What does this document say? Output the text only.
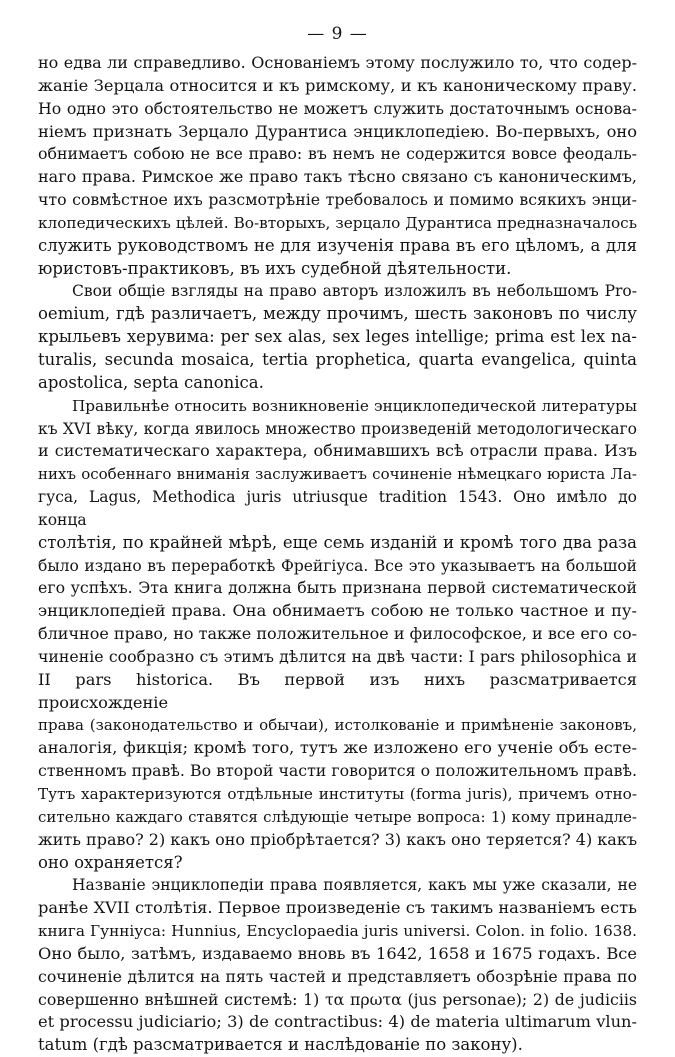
— 9 —

но едва ли справедливо. Основаніемъ этому послужило то, что содер-
жаніе Зерцала относится и къ римскому, и къ каноническому праву.
Но одно это обстоятельство не можетъ служить достаточнымъ основа-
ніемъ признать Зерцало Дурантиса энциклопедіею. Во-первыхъ, оно
обнимаетъ собою не все право: въ немъ не содержится вовсе феодаль-
наго права. Римское же право такъ тѣсно связано съ каноническимъ,
что совмѣстное ихъ разсмотрѣніе требовалось и помимо всякихъ энци-
клопедическихъ цѣлей. Во-вторыхъ, зерцало Дурантиса предназначалось
служить руководствомъ не для изученія права въ его цѣломъ, а для
юристовъ-практиковъ, въ ихъ судебной дѣятельности.

Свои общіе взгляды на право авторъ изложилъ въ небольшомъ Pro-
oemium, гдѣ различаетъ, между прочимъ, шесть законовъ по числу
крыльевъ херувима: per sex alas, sex leges intellige; prima est lex na-
turalis, secunda mosaica, tertia prophetica, quarta evangelica, quinta
apostolica, septa canonica.

Правильнѣе относить возникновеніе энциклопедической литературы
къ XVI вѣку, когда явилось множество произведеній методологическаго
и систематическаго характера, обнимавшихъ всѣ отрасли права. Изъ
нихъ особеннаго вниманія заслуживаетъ сочиненіе нѣмецкаго юриста Ла-
гуса, Lagus, Methodica juris utriusque tradition 1543. Оно имѣло до конца
столѣтія, по крайней мѣрѣ, еще семь изданій и кромѣ того два раза
было издано въ переработкѣ Фрейгіуса. Все это указываетъ на большой
его успѣхъ. Эта книга должна быть признана первой систематической
энциклопедіей права. Она обнимаетъ собою не только частное и пу-
бличное право, но также положительное и философское, и все его со-
чиненіе сообразно съ этимъ дѣлится на двѣ части: I pars philosophica и
II pars historica. Въ первой изъ нихъ разсматривается происхожденіе
права (законодательство и обычаи), истолкованіе и примѣненіе законовъ,
аналогія, фикція; кромѣ того, тутъ же изложено его ученіе объ есте-
ственномъ правѣ. Во второй части говорится о положительномъ правѣ.
Тутъ характеризуются отдѣльные институты (forma juris), причемъ отно-
сительно каждаго ставятся слѣдующіе четыре вопроса: 1) кому принадле-
жить право? 2) какъ оно пріобрѣтается? 3) какъ оно теряется? 4) какъ
оно охраняется?

Названіе энциклопедіи права появляется, какъ мы уже сказали, не
ранѣе XVII столѣтія. Первое произведеніе съ такимъ названіемъ есть
книга Гунніуса: Hunnius, Encyclopaedia juris universi. Colon. in folio. 1638.
Оно было, затѣмъ, издаваемо вновь въ 1642, 1658 и 1675 годахъ. Все
сочиненіе дѣлится на пять частей и представляетъ обозрѣніе права по
совершенно внѣшней системѣ: 1) τα πρωτα (jus personae); 2) de judiciis
et processu judiciario; 3) de contractibus: 4) de materia ultimarum vlun-
tatum (гдѣ разсматривается и наслѣдованіе по закону).
